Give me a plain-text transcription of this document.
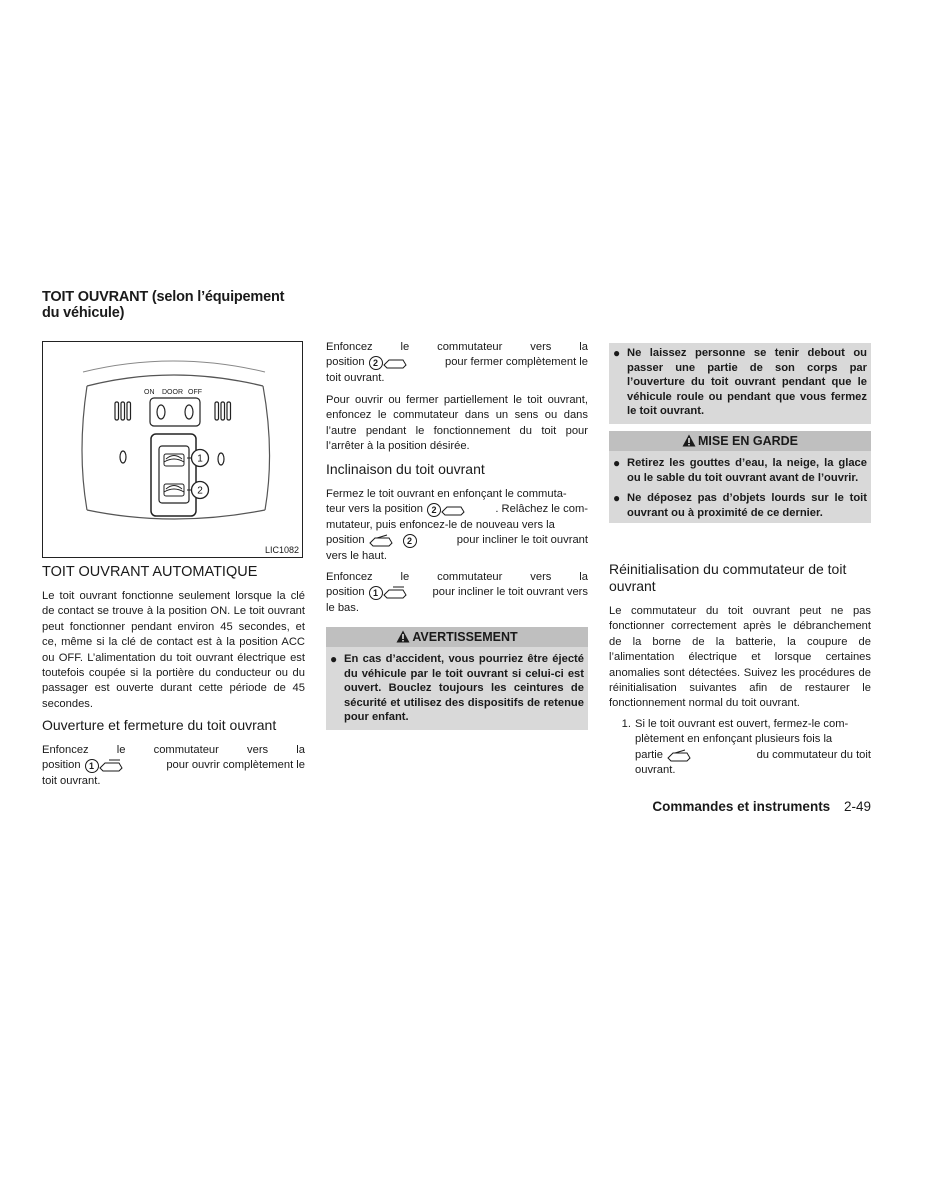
TOIT OUVRANT (selon l’équipement
du véhicule)
ON DOOR OFF
1
2
LIC1082
TOIT OUVRANT AUTOMATIQUE

Le toit ouvrant fonctionne seulement lorsque la clé de contact se trouve à la position ON. Le toit ouvrant peut fonctionner pendant environ 45 secondes, et ce, même si la clé de contact est à la position ACC ou OFF. L’alimentation du toit ouvrant électrique est toutefois coupée si la portière du conducteur ou du passager est ouverte durant cette période de 45 secondes.

Ouverture et fermeture du toit ouvrant
Enfoncez	le	commutateur	vers	la
position 1	pour ouvrir complètement le
toit ouvrant.
Enfoncez le commutateur vers la
position 2	pour fermer complètement le
toit ouvrant.

Pour ouvrir ou fermer partiellement le toit ouvrant, enfoncez le commutateur dans un sens ou dans l’autre pendant le fonctionnement du toit pour l’arrêter à la position désirée.

Inclinaison du toit ouvrant
Fermez le toit ouvrant en enfonçant le commuta-
teur vers la position 2	. Relâchez le com-
mutateur, puis enfoncez-le de nouveau vers la
position	2	pour incliner le toit ouvrant
vers le haut.
Enfoncez le commutateur vers la
position 1	pour incliner le toit ouvrant vers
le bas.
AVERTISSEMENT
● En cas d’accident, vous pourriez être éjecté du véhicule par le toit ouvrant si celui-ci est ouvert. Bouclez toujours les ceintures de sécurité et utilisez des dispositifs de retenue pour enfant.
● Ne laissez personne se tenir debout ou passer une partie de son corps par l’ouverture du toit ouvrant pendant que le véhicule roule ou pendant que vous fermez le toit ouvrant.
MISE EN GARDE
● Retirez les gouttes d’eau, la neige, la glace ou le sable du toit ouvrant avant de l’ouvrir.
● Ne déposez pas d’objets lourds sur le toit ouvrant ou à proximité de ce dernier.
Réinitialisation du commutateur de toit ouvrant

Le commutateur du toit ouvrant peut ne pas fonctionner correctement après le débranchement de la borne de la batterie, la coupure de l’alimentation électrique et lorsque certaines anomalies sont détectées. Suivez les procédures de réinitialisation suivantes afin de restaurer le fonctionnement normal du toit ouvrant.

1. Si le toit ouvrant est ouvert, fermez-le com-
plètement en enfonçant plusieurs fois la
partie	du commutateur du toit
ouvrant.
Commandes et instruments 2-49
